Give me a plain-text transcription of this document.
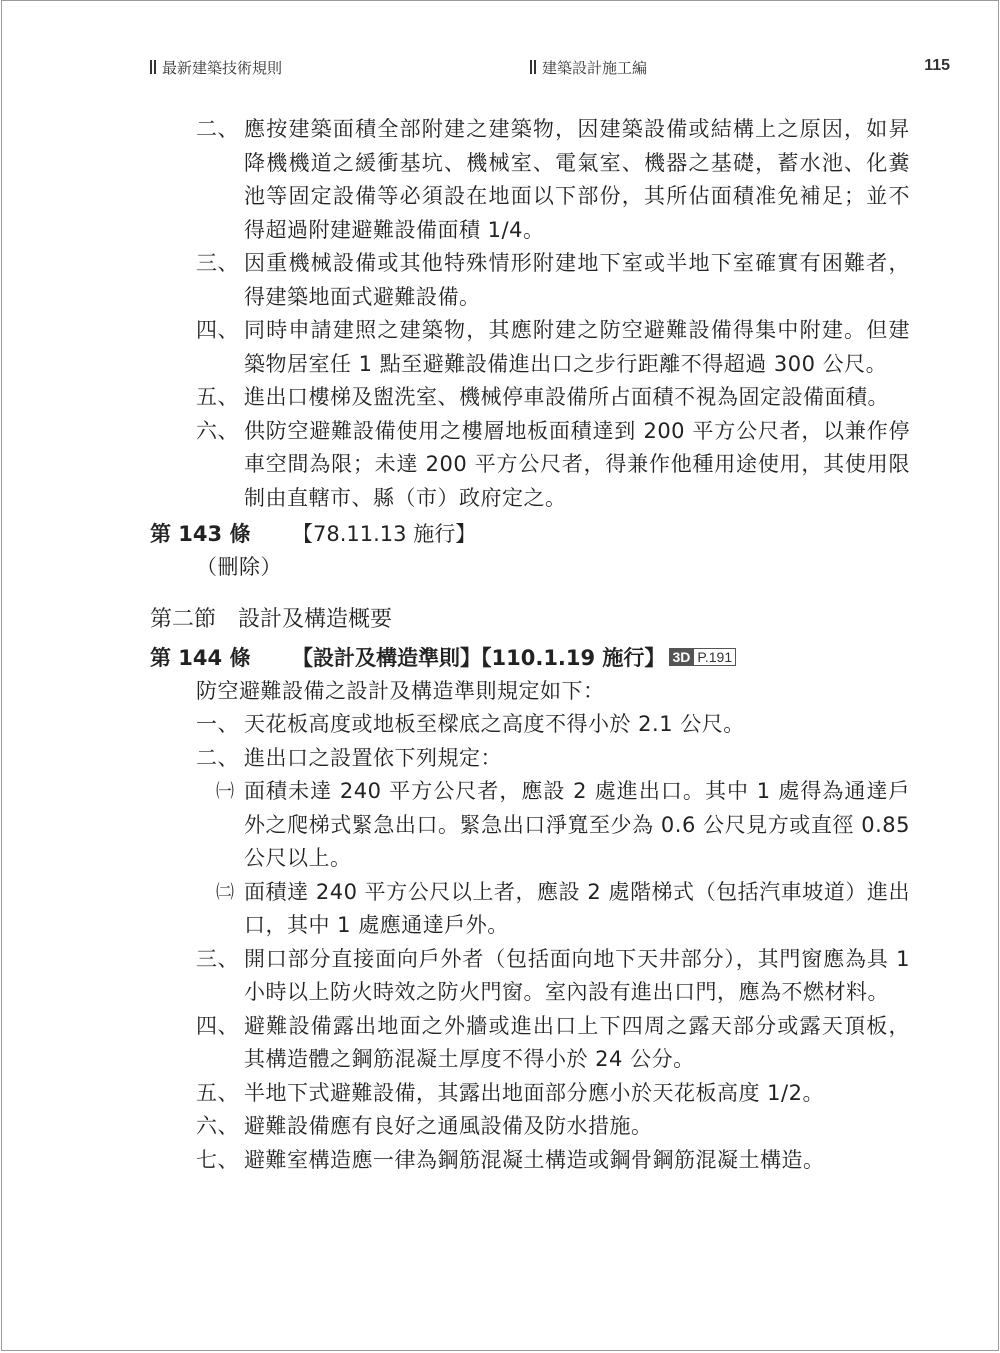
最新建築技術規則	建築設計施工編	115
二、 應按建築面積全部附建之建築物，因建築設備或結構上之原因，如昇降機機道之緩衝基坑、機械室、電氣室、機器之基礎，蓄水池、化糞池等固定設備等必須設在地面以下部份，其所佔面積准免補足；並不得超過附建避難設備面積 1/4。
三、 因重機械設備或其他特殊情形附建地下室或半地下室確實有困難者，得建築地面式避難設備。
四、 同時申請建照之建築物，其應附建之防空避難設備得集中附建。但建築物居室任 1 點至避難設備進出口之步行距離不得超過 300 公尺。
五、 進出口樓梯及盥洗室、機械停車設備所占面積不視為固定設備面積。
六、 供防空避難設備使用之樓層地板面積達到 200 平方公尺者，以兼作停車空間為限；未達 200 平方公尺者，得兼作他種用途使用，其使用限制由直轄市、縣（市）政府定之。
第 143 條 【78.11.13 施行】
（刪除）
第二節 設計及構造概要
第 144 條 【設計及構造準則】【110.1.19 施行】 3D P.191
防空避難設備之設計及構造準則規定如下：
一、 天花板高度或地板至樑底之高度不得小於 2.1 公尺。
二、 進出口之設置依下列規定：
㈠ 面積未達 240 平方公尺者，應設 2 處進出口。其中 1 處得為通達戶外之爬梯式緊急出口。緊急出口淨寬至少為 0.6 公尺見方或直徑 0.85 公尺以上。
㈡ 面積達 240 平方公尺以上者，應設 2 處階梯式（包括汽車坡道）進出口，其中 1 處應通達戶外。
三、 開口部分直接面向戶外者（包括面向地下天井部分），其門窗應為具 1 小時以上防火時效之防火門窗。室內設有進出口門，應為不燃材料。
四、 避難設備露出地面之外牆或進出口上下四周之露天部分或露天頂板，其構造體之鋼筋混凝土厚度不得小於 24 公分。
五、 半地下式避難設備，其露出地面部分應小於天花板高度 1/2。
六、 避難設備應有良好之通風設備及防水措施。
七、 避難室構造應一律為鋼筋混凝土構造或鋼骨鋼筋混凝土構造。
